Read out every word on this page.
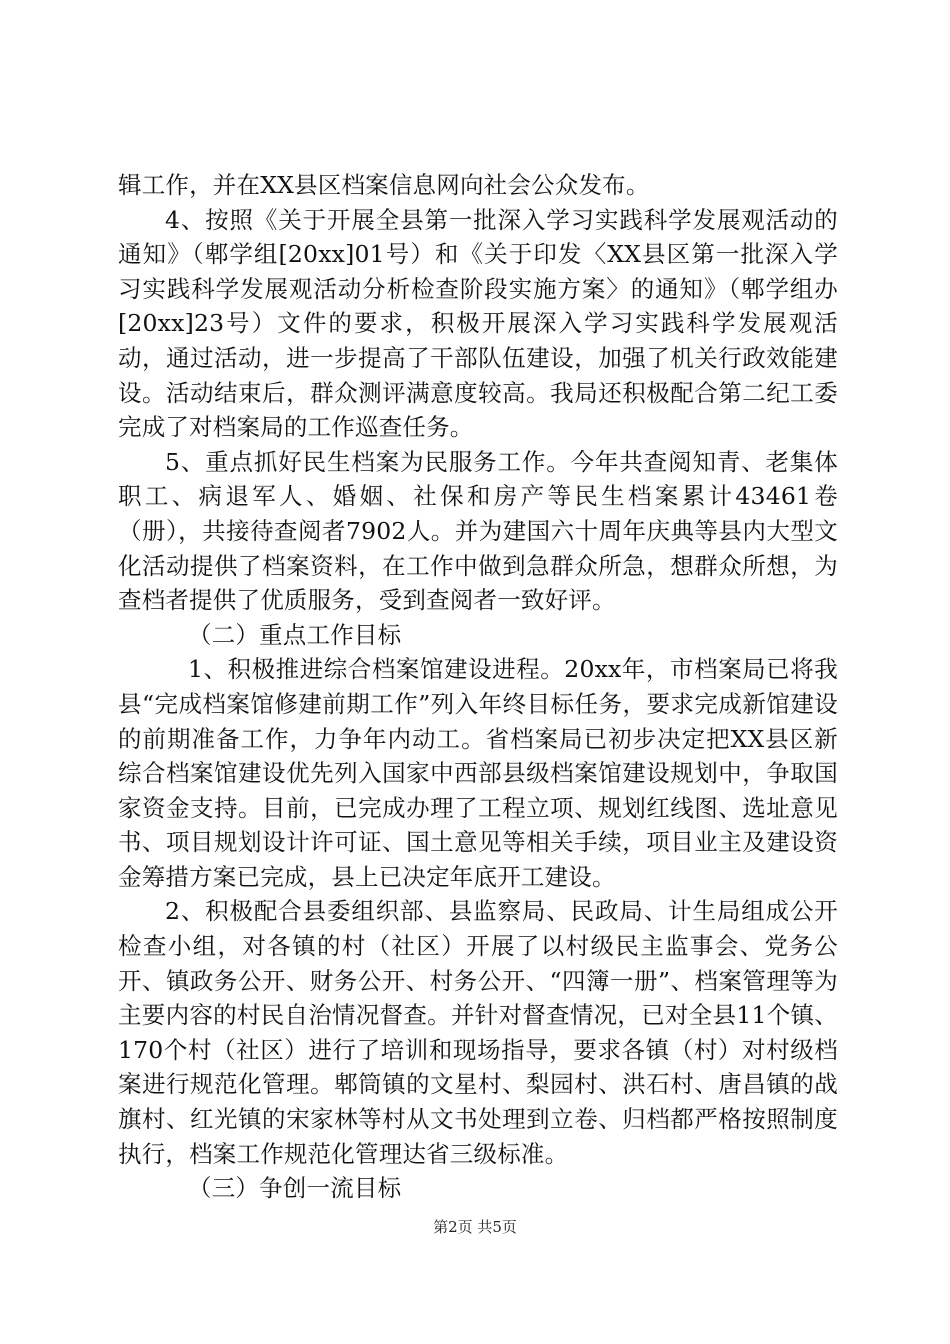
辑工作，并在XX县区档案信息网向社会公众发布。

4、按照《关于开展全县第一批深入学习实践科学发展观活动的通知》（郫学组[20xx]01号）和《关于印发〈XX县区第一批深入学习实践科学发展观活动分析检查阶段实施方案〉的通知》（郫学组办[20xx]23号）文件的要求，积极开展深入学习实践科学发展观活动，通过活动，进一步提高了干部队伍建设，加强了机关行政效能建设。活动结束后，群众测评满意度较高。我局还积极配合第二纪工委完成了对档案局的工作巡查任务。

5、重点抓好民生档案为民服务工作。今年共查阅知青、老集体职工、病退军人、婚姻、社保和房产等民生档案累计43461卷（册），共接待查阅者7902人。并为建国六十周年庆典等县内大型文化活动提供了档案资料，在工作中做到急群众所急，想群众所想，为查档者提供了优质服务，受到查阅者一致好评。

（二）重点工作目标

1、积极推进综合档案馆建设进程。20xx年，市档案局已将我县“完成档案馆修建前期工作”列入年终目标任务，要求完成新馆建设的前期准备工作，力争年内动工。省档案局已初步决定把XX县区新综合档案馆建设优先列入国家中西部县级档案馆建设规划中，争取国家资金支持。目前，已完成办理了工程立项、规划红线图、选址意见书、项目规划设计许可证、国土意见等相关手续，项目业主及建设资金筹措方案已完成，县上已决定年底开工建设。

2、积极配合县委组织部、县监察局、民政局、计生局组成公开检查小组，对各镇的村（社区）开展了以村级民主监事会、党务公开、镇政务公开、财务公开、村务公开、“四簿一册”、档案管理等为主要内容的村民自治情况督查。并针对督查情况，已对全县11个镇、170个村（社区）进行了培训和现场指导，要求各镇（村）对村级档案进行规范化管理。郫筒镇的文星村、梨园村、洪石村、唐昌镇的战旗村、红光镇的宋家林等村从文书处理到立卷、归档都严格按照制度执行，档案工作规范化管理达省三级标准。

（三）争创一流目标

第2页 共5页
